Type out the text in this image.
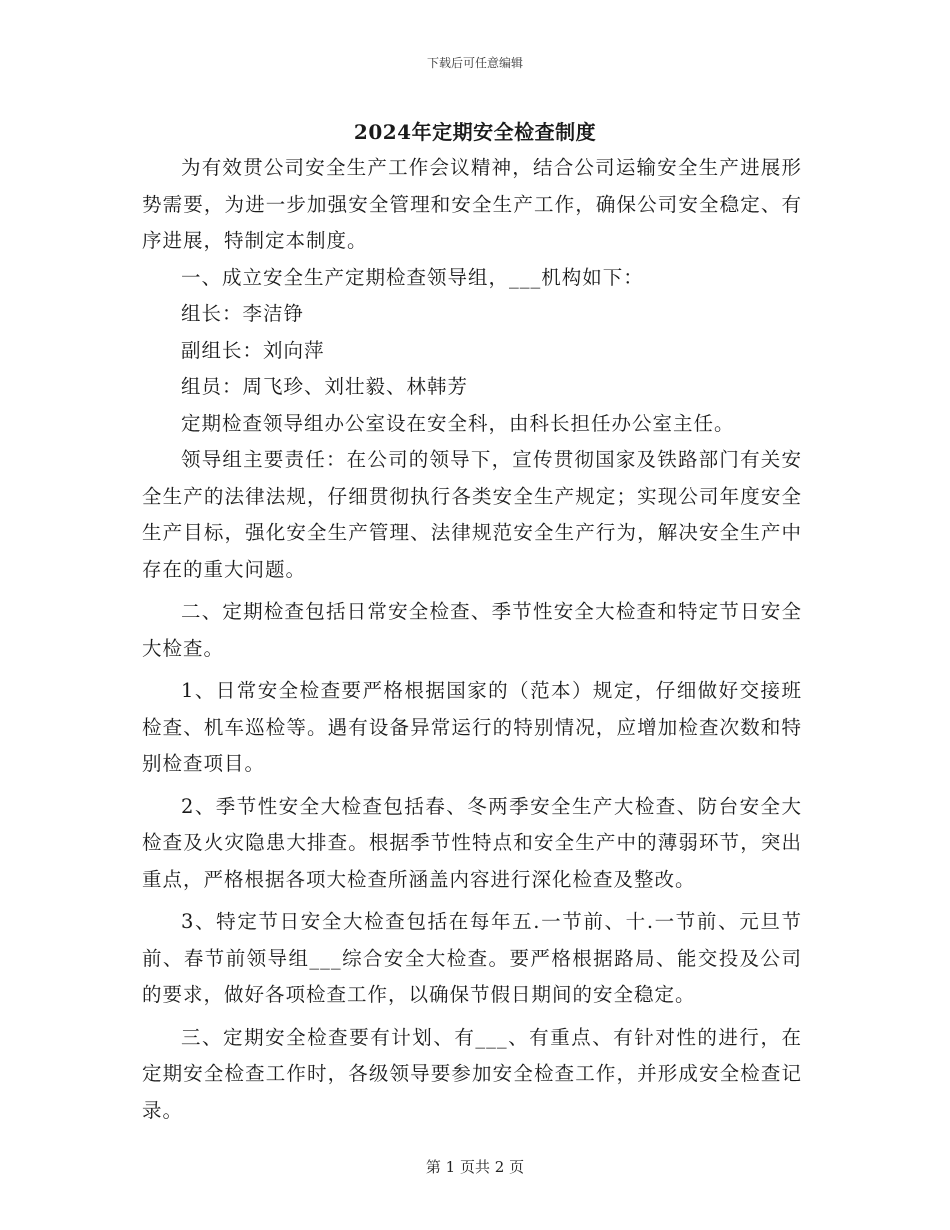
下载后可任意编辑
2024年定期安全检查制度

为有效贯公司安全生产工作会议精神，结合公司运输安全生产进展形势需要，为进一步加强安全管理和安全生产工作，确保公司安全稳定、有序进展，特制定本制度。

一、成立安全生产定期检查领导组，___机构如下：

组长：李洁铮

副组长：刘向萍

组员：周飞珍、刘壮毅、林韩芳

定期检查领导组办公室设在安全科，由科长担任办公室主任。

领导组主要责任：在公司的领导下，宣传贯彻国家及铁路部门有关安全生产的法律法规，仔细贯彻执行各类安全生产规定；实现公司年度安全生产目标，强化安全生产管理、法律规范安全生产行为，解决安全生产中存在的重大问题。

二、定期检查包括日常安全检查、季节性安全大检查和特定节日安全大检查。

1、日常安全检查要严格根据国家的（范本）规定，仔细做好交接班检查、机车巡检等。遇有设备异常运行的特别情况，应增加检查次数和特别检查项目。

2、季节性安全大检查包括春、冬两季安全生产大检查、防台安全大检查及火灾隐患大排查。根据季节性特点和安全生产中的薄弱环节，突出重点，严格根据各项大检查所涵盖内容进行深化检查及整改。

3、特定节日安全大检查包括在每年五.一节前、十.一节前、元旦节前、春节前领导组___综合安全大检查。要严格根据路局、能交投及公司的要求，做好各项检查工作，以确保节假日期间的安全稳定。

三、定期安全检查要有计划、有___、有重点、有针对性的进行，在定期安全检查工作时，各级领导要参加安全检查工作，并形成安全检查记录。

第 1 页共 2 页
